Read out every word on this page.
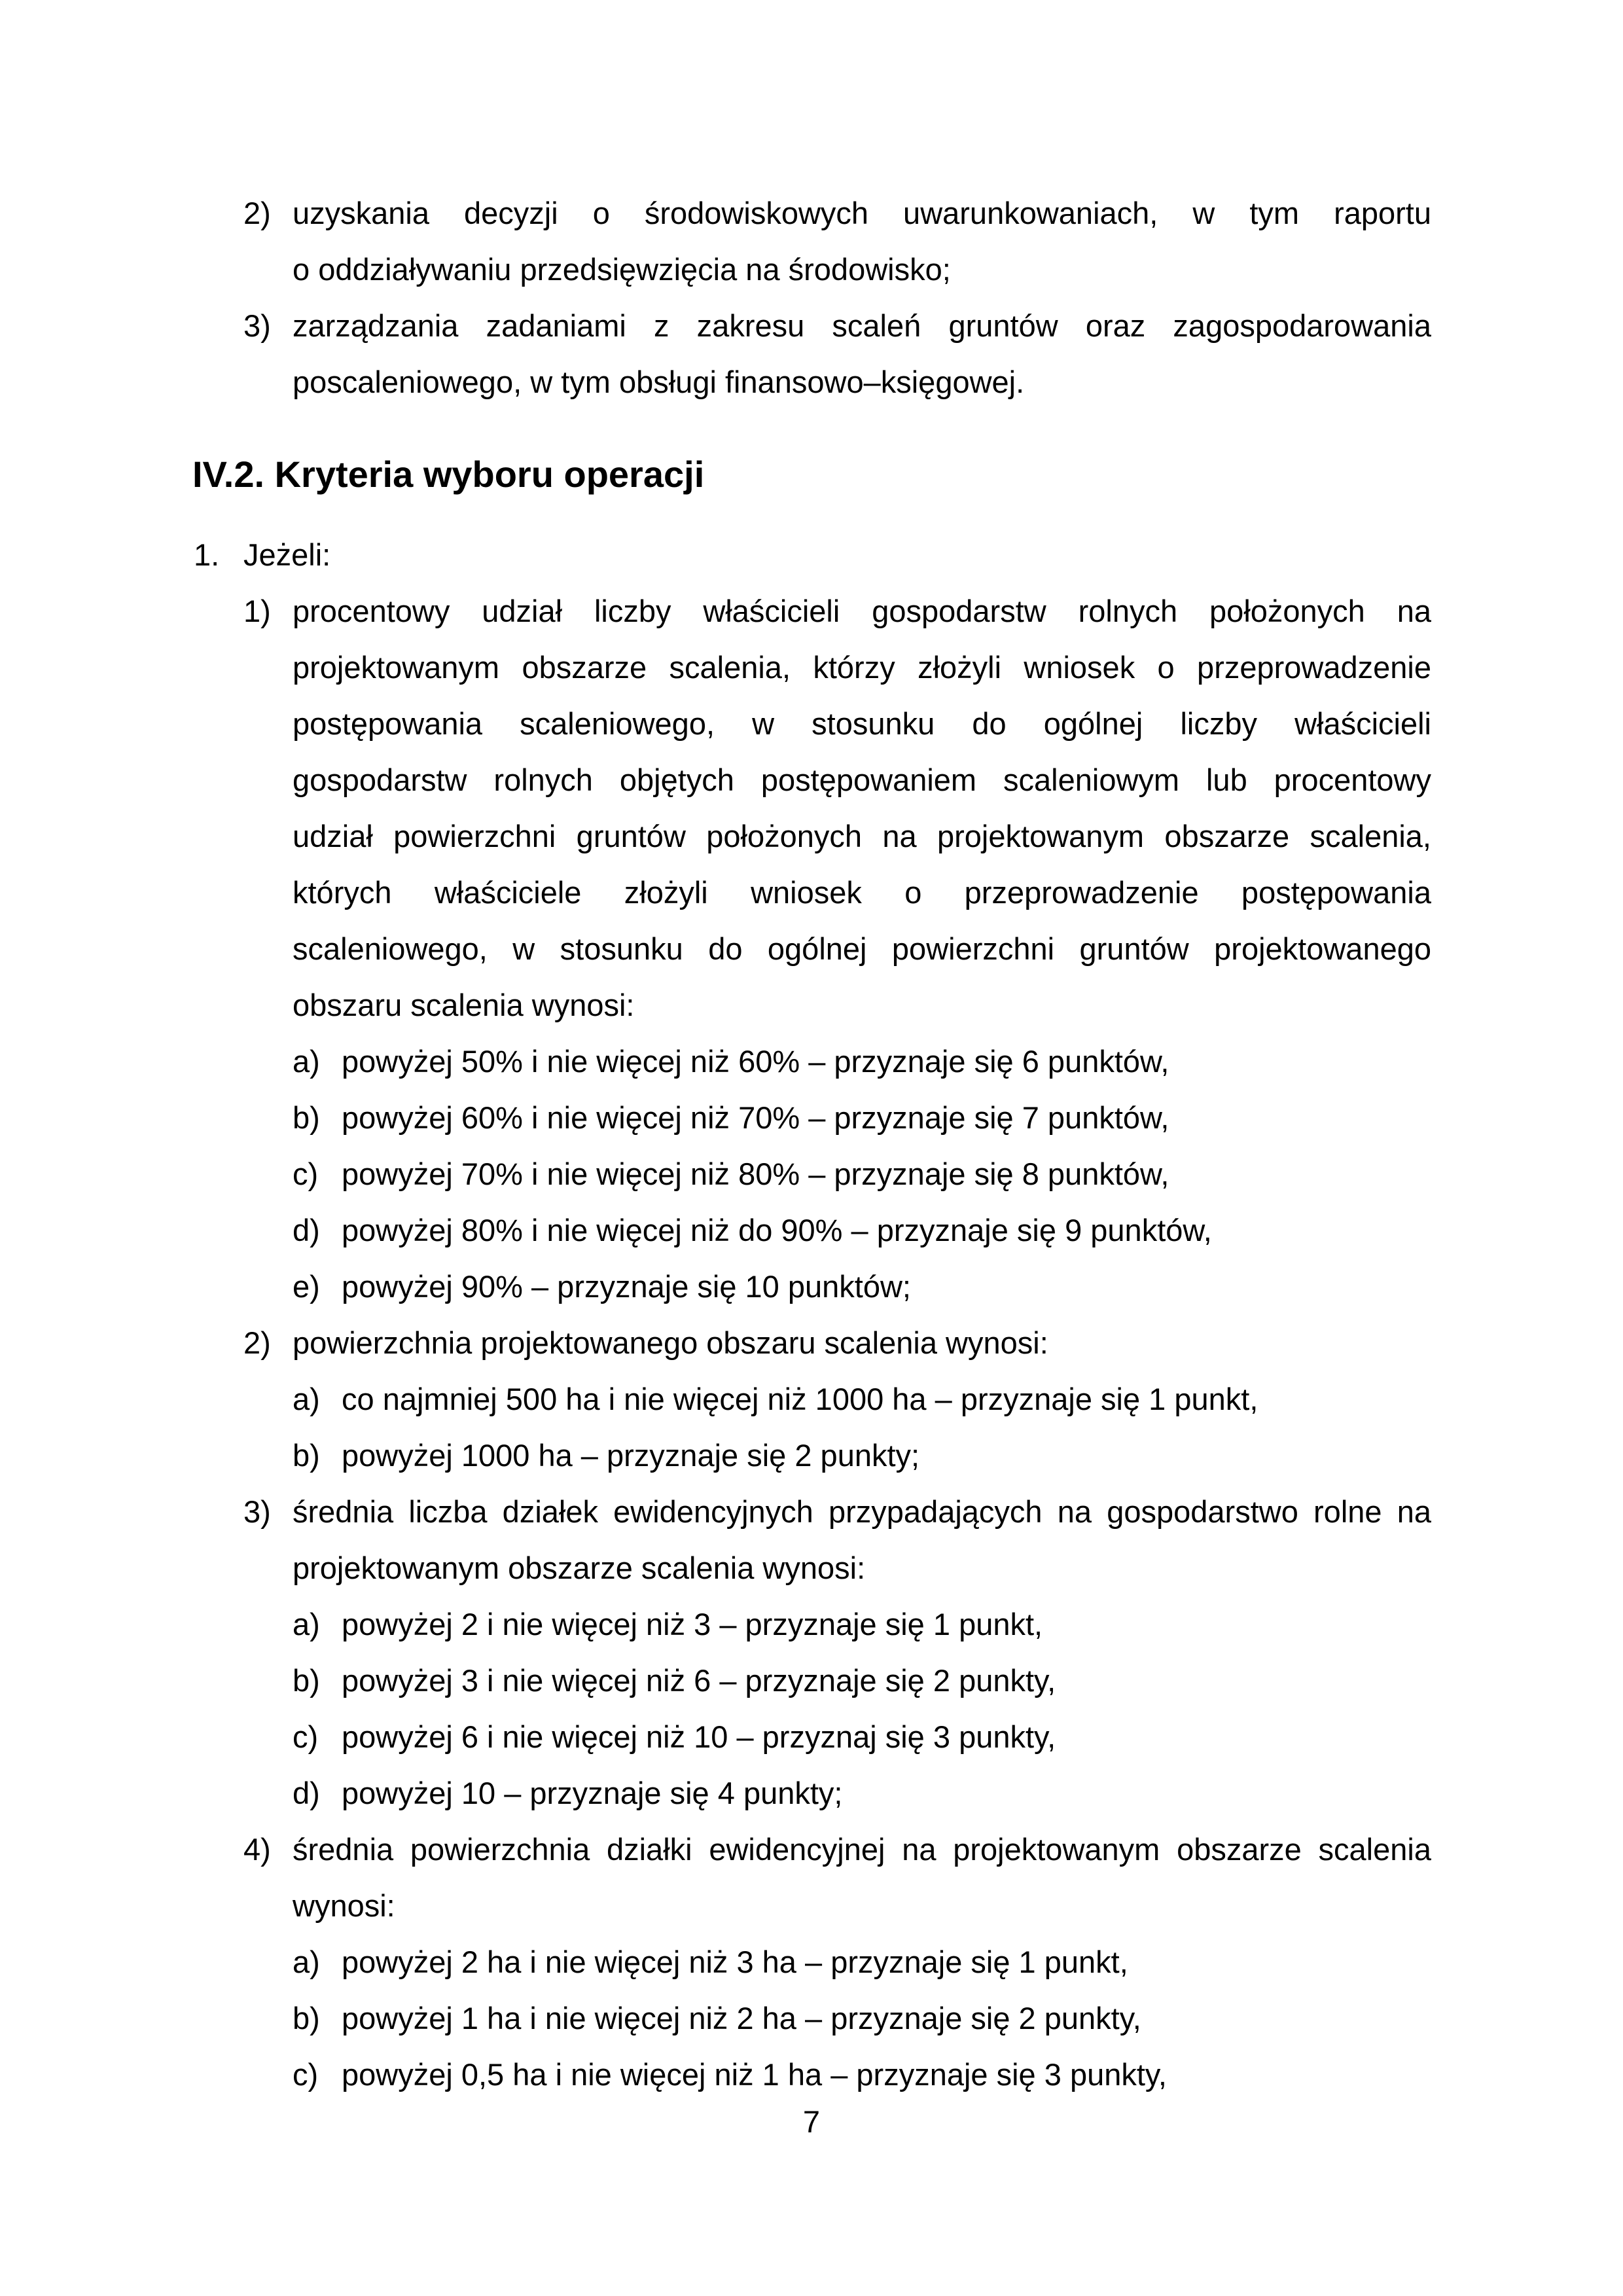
2) uzyskania decyzji o środowiskowych uwarunkowaniach, w tym raportu
o oddziaływaniu przedsięwzięcia na środowisko;
3) zarządzania zadaniami z zakresu scaleń gruntów oraz zagospodarowania
poscaleniowego, w tym obsługi finansowo–księgowej.
IV.2. Kryteria wyboru operacji
1. Jeżeli:
1) procentowy udział liczby właścicieli gospodarstw rolnych położonych na
projektowanym obszarze scalenia, którzy złożyli wniosek o przeprowadzenie
postępowania scaleniowego, w stosunku do ogólnej liczby właścicieli
gospodarstw rolnych objętych postępowaniem scaleniowym lub procentowy
udział powierzchni gruntów położonych na projektowanym obszarze scalenia,
których właściciele złożyli wniosek o przeprowadzenie postępowania
scaleniowego, w stosunku do ogólnej powierzchni gruntów projektowanego
obszaru scalenia wynosi:
a) powyżej 50% i nie więcej niż 60% – przyznaje się 6 punktów,
b) powyżej 60% i nie więcej niż 70% – przyznaje się 7 punktów,
c) powyżej 70% i nie więcej niż 80% – przyznaje się 8 punktów,
d) powyżej 80% i nie więcej niż do 90% – przyznaje się 9 punktów,
e) powyżej 90% – przyznaje się 10 punktów;
2) powierzchnia projektowanego obszaru scalenia wynosi:
a) co najmniej 500 ha i nie więcej niż 1000 ha – przyznaje się 1 punkt,
b) powyżej 1000 ha – przyznaje się 2 punkty;
3) średnia liczba działek ewidencyjnych przypadających na gospodarstwo rolne na
projektowanym obszarze scalenia wynosi:
a) powyżej 2 i nie więcej niż 3 – przyznaje się 1 punkt,
b) powyżej 3 i nie więcej niż 6 – przyznaje się 2 punkty,
c) powyżej 6 i nie więcej niż 10 – przyznaj się 3 punkty,
d) powyżej 10 – przyznaje się 4 punkty;
4) średnia powierzchnia działki ewidencyjnej na projektowanym obszarze scalenia
wynosi:
a) powyżej 2 ha i nie więcej niż 3 ha – przyznaje się 1 punkt,
b) powyżej 1 ha i nie więcej niż 2 ha – przyznaje się 2 punkty,
c) powyżej 0,5 ha i nie więcej niż 1 ha – przyznaje się 3 punkty,
7
